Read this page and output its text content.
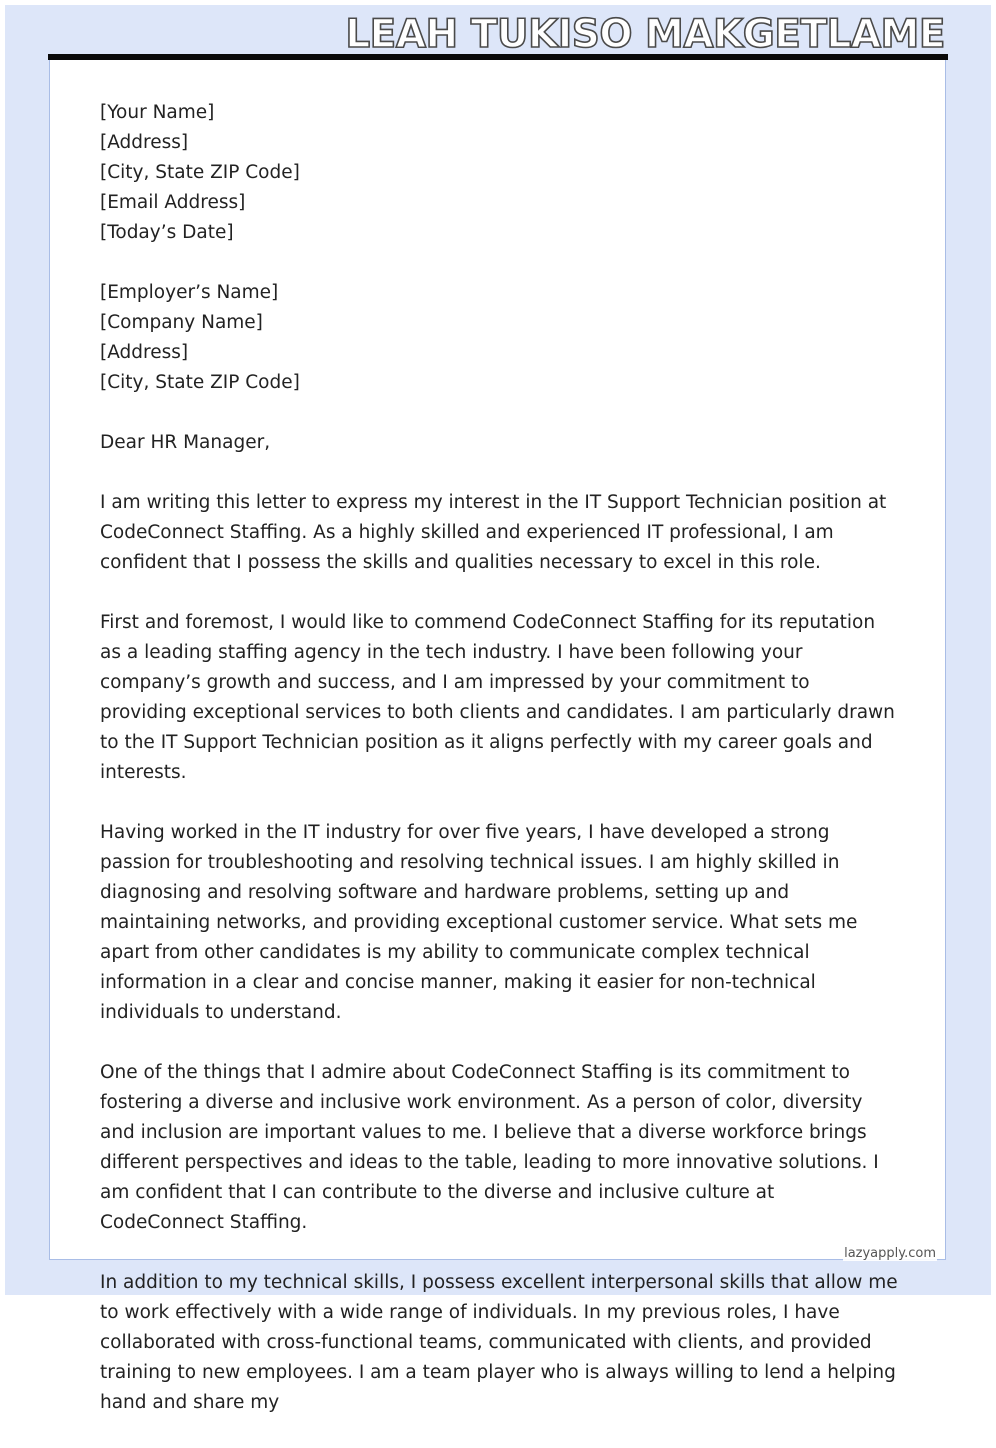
LEAH TUKISO MAKGETLAME

[Your Name]

[Address]

[City, State ZIP Code]

[Email Address]

[Today’s Date]

[Employer’s Name]

[Company Name]

[Address]

[City, State ZIP Code]

Dear HR Manager,

I am writing this letter to express my interest in the IT Support Technician position at CodeConnect Staffing. As a highly skilled and experienced IT professional, I am confident that I possess the skills and qualities necessary to excel in this role.

First and foremost, I would like to commend CodeConnect Staffing for its reputation as a leading staffing agency in the tech industry. I have been following your company’s growth and success, and I am impressed by your commitment to providing exceptional services to both clients and candidates. I am particularly drawn to the IT Support Technician position as it aligns perfectly with my career goals and interests.

Having worked in the IT industry for over five years, I have developed a strong passion for troubleshooting and resolving technical issues. I am highly skilled in diagnosing and resolving software and hardware problems, setting up and maintaining networks, and providing exceptional customer service. What sets me apart from other candidates is my ability to communicate complex technical information in a clear and concise manner, making it easier for non-technical individuals to understand.

One of the things that I admire about CodeConnect Staffing is its commitment to fostering a diverse and inclusive work environment. As a person of color, diversity and inclusion are important values to me. I believe that a diverse workforce brings different perspectives and ideas to the table, leading to more innovative solutions. I am confident that I can contribute to the diverse and inclusive culture at CodeConnect Staffing.

In addition to my technical skills, I possess excellent interpersonal skills that allow me to work effectively with a wide range of individuals. In my previous roles, I have collaborated with cross-functional teams, communicated with clients, and provided training to new employees. I am a team player who is always willing to lend a helping hand and share my

lazyapply.com
